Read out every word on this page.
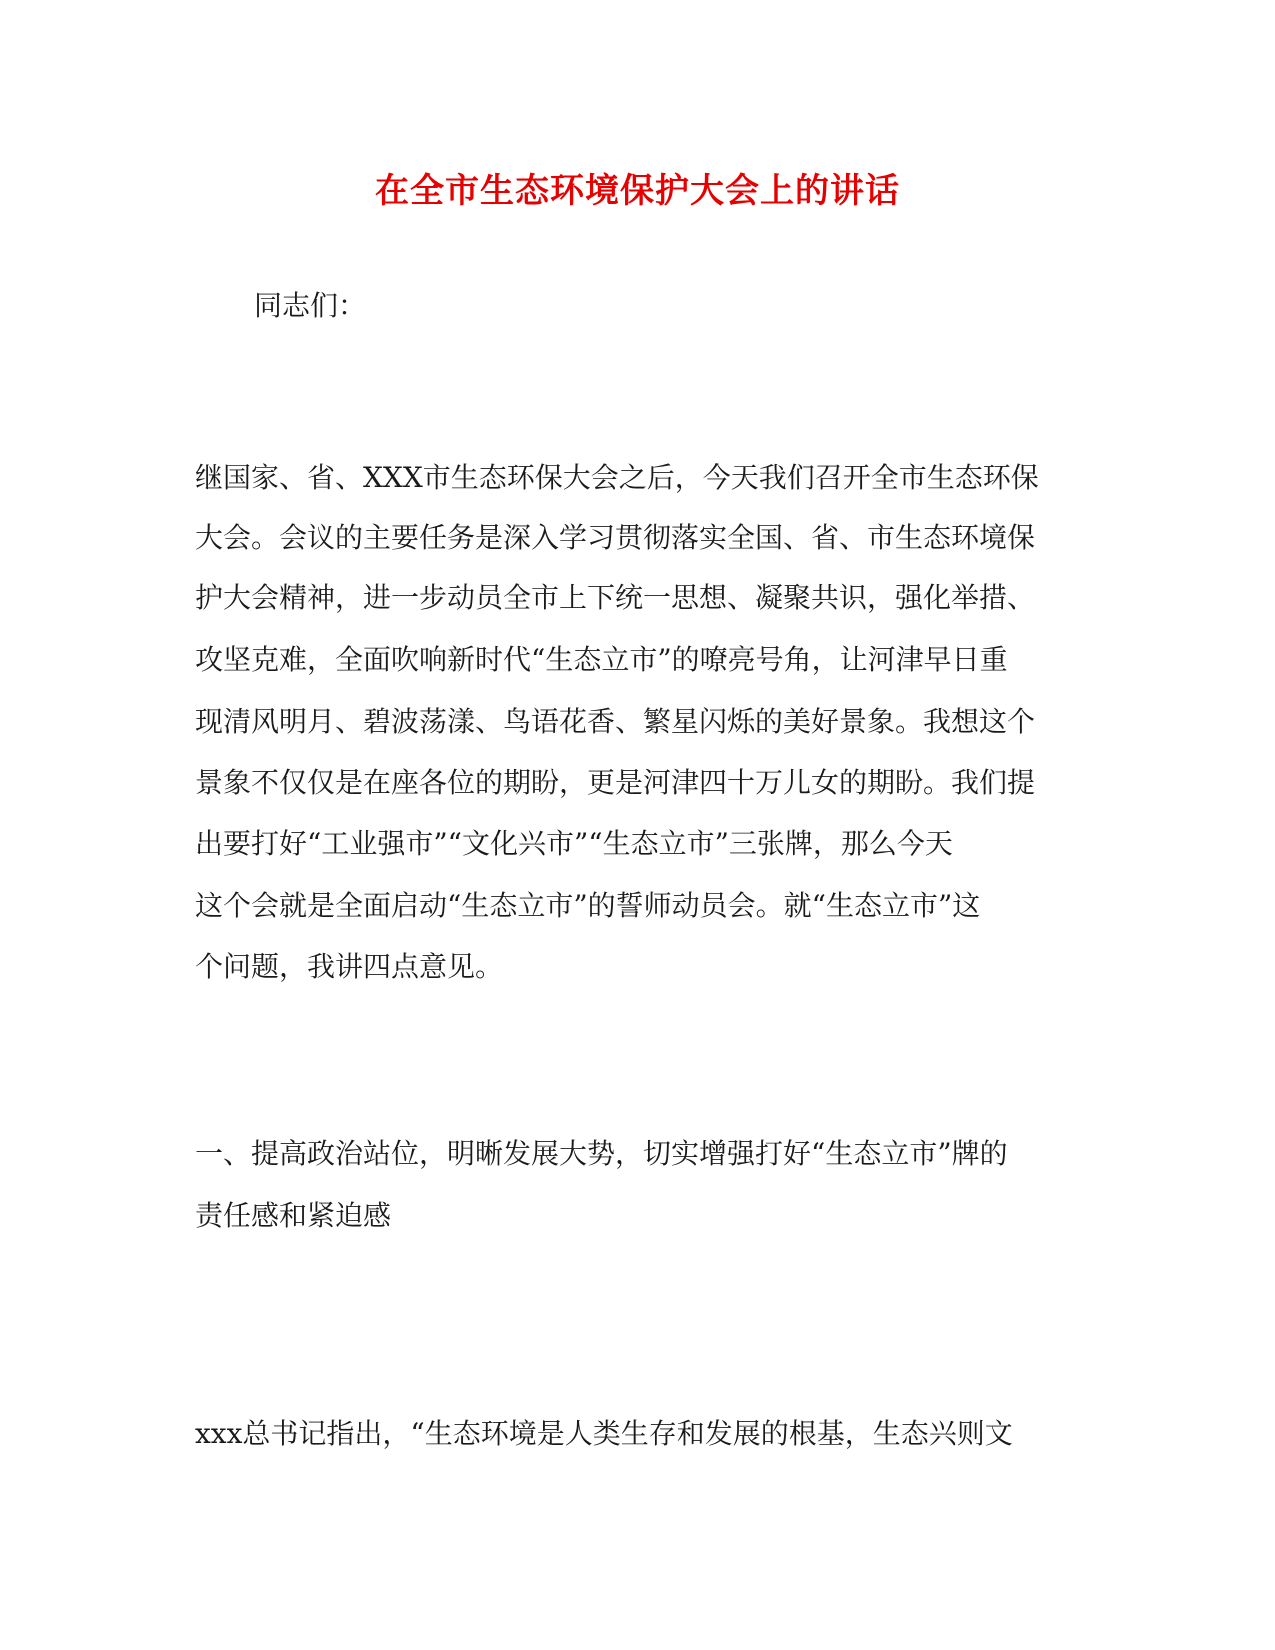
在全市生态环境保护大会上的讲话

同志们：

继国家、省、XXX市生态环保大会之后，今天我们召开全市生态环保

大会。会议的主要任务是深入学习贯彻落实全国、省、市生态环境保

护大会精神，进一步动员全市上下统一思想、凝聚共识，强化举措、

攻坚克难，全面吹响新时代“生态立市”的嘹亮号角，让河津早日重

现清风明月、碧波荡漾、鸟语花香、繁星闪烁的美好景象。我想这个

景象不仅仅是在座各位的期盼，更是河津四十万儿女的期盼。我们提

出要打好“工业强市”“文化兴市”“生态立市”三张牌，那么今天

这个会就是全面启动“生态立市”的誓师动员会。就“生态立市”这

个问题，我讲四点意见。

一、提高政治站位，明晰发展大势，切实增强打好“生态立市”牌的

责任感和紧迫感

xxx总书记指出，“生态环境是人类生存和发展的根基，生态兴则文
